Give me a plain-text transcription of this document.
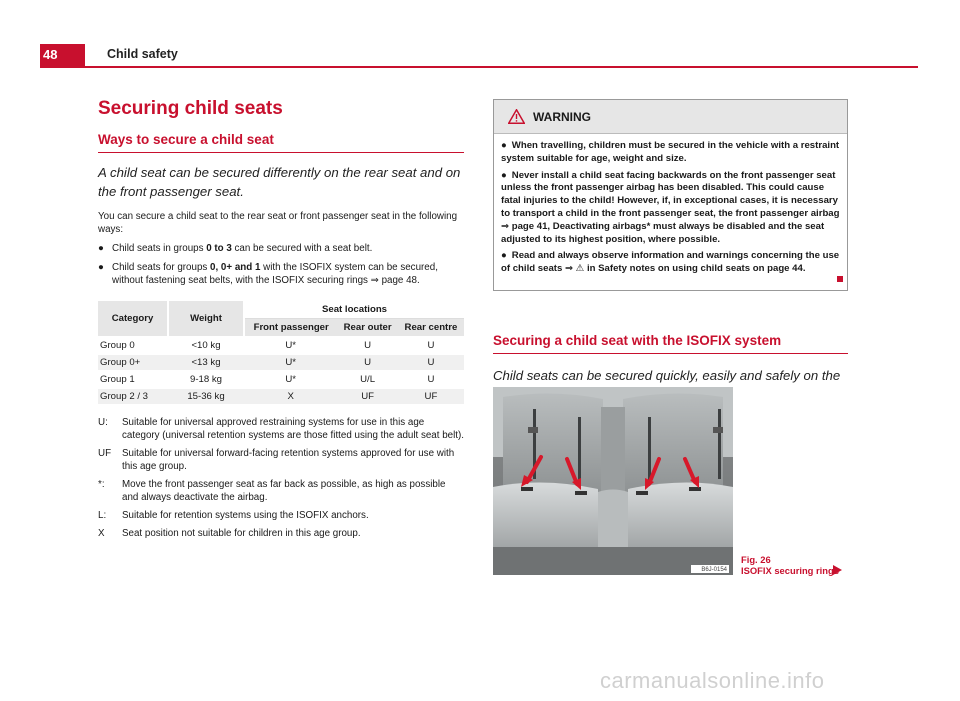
48	Child safety
Securing child seats
Ways to secure a child seat
A child seat can be secured differently on the rear seat and on the front passenger seat.
You can secure a child seat to the rear seat or front passenger seat in the following ways:
● Child seats in groups 0 to 3 can be secured with a seat belt.
● Child seats for groups 0, 0+ and 1 with the ISOFIX system can be secured, without fastening seat belts, with the ISOFIX securing rings ⇒ page 48.
Category	Weight	Seat locations		
		Front passenger	Rear outer	Rear centre
Group 0	<10 kg	U*	U	U
Group 0+	<13 kg	U*	U	U
Group 1	9-18 kg	U*	U/L	U
Group 2 / 3	15-36 kg	X	UF	UF
U:	Suitable for universal approved restraining systems for use in this age category (universal retention systems are those fitted using the adult seat belt).
UF	Suitable for universal forward-facing retention systems approved for use with this age group.
*:	Move the front passenger seat as far back as possible, as high as possible and always deactivate the airbag.
L:	Suitable for retention systems using the ISOFIX anchors.
X	Seat position not suitable for children in this age group.
WARNING
● When travelling, children must be secured in the vehicle with a restraint system suitable for age, weight and size.
● Never install a child seat facing backwards on the front passenger seat unless the front passenger airbag has been disabled. This could cause fatal injuries to the child! However, if, in exceptional cases, it is necessary to transport a child in the front passenger seat, the front passenger airbag ⇒ page 41, Deactivating airbags* must always be disabled and the seat adjusted to its highest position, where possible.
● Read and always observe information and warnings concerning the use of child seats ⇒ ⚠ in Safety notes on using child seats on page 44.
Securing a child seat with the ISOFIX system
Child seats can be secured quickly, easily and safely on the
B6J-0154
Fig. 26
ISOFIX securing rings
carmanualsonline.info
